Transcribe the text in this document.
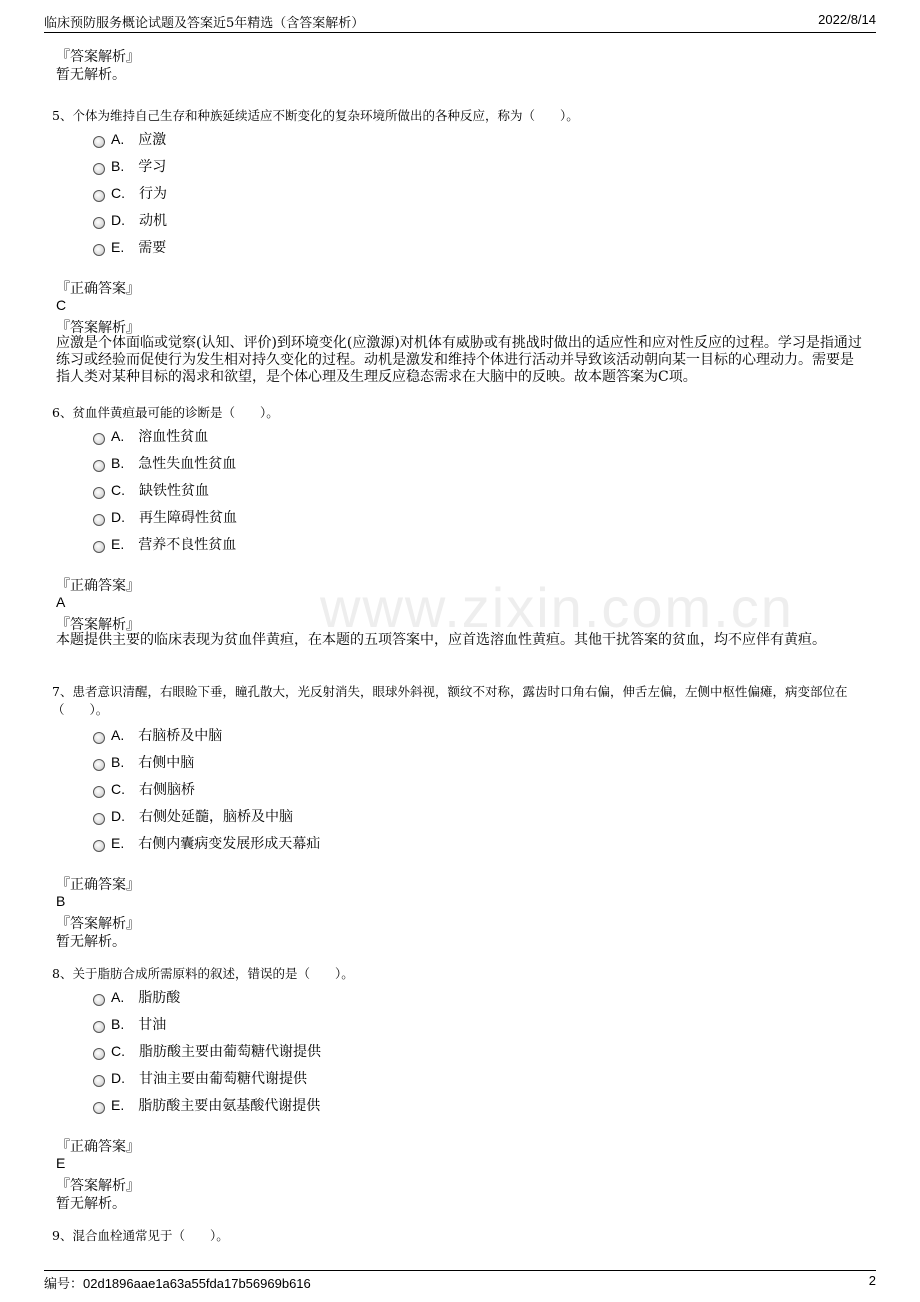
临床预防服务概论试题及答案近5年精选（含答案解析）	2022/8/14
www.zixin.com.cn
『答案解析』
暂无解析。
5、个体为维持自己生存和种族延续适应不断变化的复杂环境所做出的各种反应，称为（　　）。
A. 应激
B. 学习
C. 行为
D. 动机
E. 需要
『正确答案』
C
『答案解析』
应激是个体面临或觉察(认知、评价)到环境变化(应激源)对机体有威胁或有挑战时做出的适应性和应对性反应的过程。学习是指通过练习或经验而促使行为发生相对持久变化的过程。动机是激发和维持个体进行活动并导致该活动朝向某一目标的心理动力。需要是指人类对某种目标的渴求和欲望，是个体心理及生理反应稳态需求在大脑中的反映。故本题答案为C项。
6、贫血伴黄疸最可能的诊断是（　　）。
A. 溶血性贫血
B. 急性失血性贫血
C. 缺铁性贫血
D. 再生障碍性贫血
E. 营养不良性贫血
『正确答案』
A
『答案解析』
本题提供主要的临床表现为贫血伴黄疸，在本题的五项答案中，应首选溶血性黄疸。其他干扰答案的贫血，均不应伴有黄疸。
7、患者意识清醒，右眼睑下垂，瞳孔散大，光反射消失，眼球外斜视，额纹不对称，露齿时口角右偏，伸舌左偏，左侧中枢性偏瘫，病变部位在（　　）。
A. 右脑桥及中脑
B. 右侧中脑
C. 右侧脑桥
D. 右侧处延髓，脑桥及中脑
E. 右侧内囊病变发展形成天幕疝
『正确答案』
B
『答案解析』
暂无解析。
8、关于脂肪合成所需原料的叙述，错误的是（　　）。
A. 脂肪酸
B. 甘油
C. 脂肪酸主要由葡萄糖代谢提供
D. 甘油主要由葡萄糖代谢提供
E. 脂肪酸主要由氨基酸代谢提供
『正确答案』
E
『答案解析』
暂无解析。
9、混合血栓通常见于（　　）。
编号：02d1896aae1a63a55fda17b56969b616	2
